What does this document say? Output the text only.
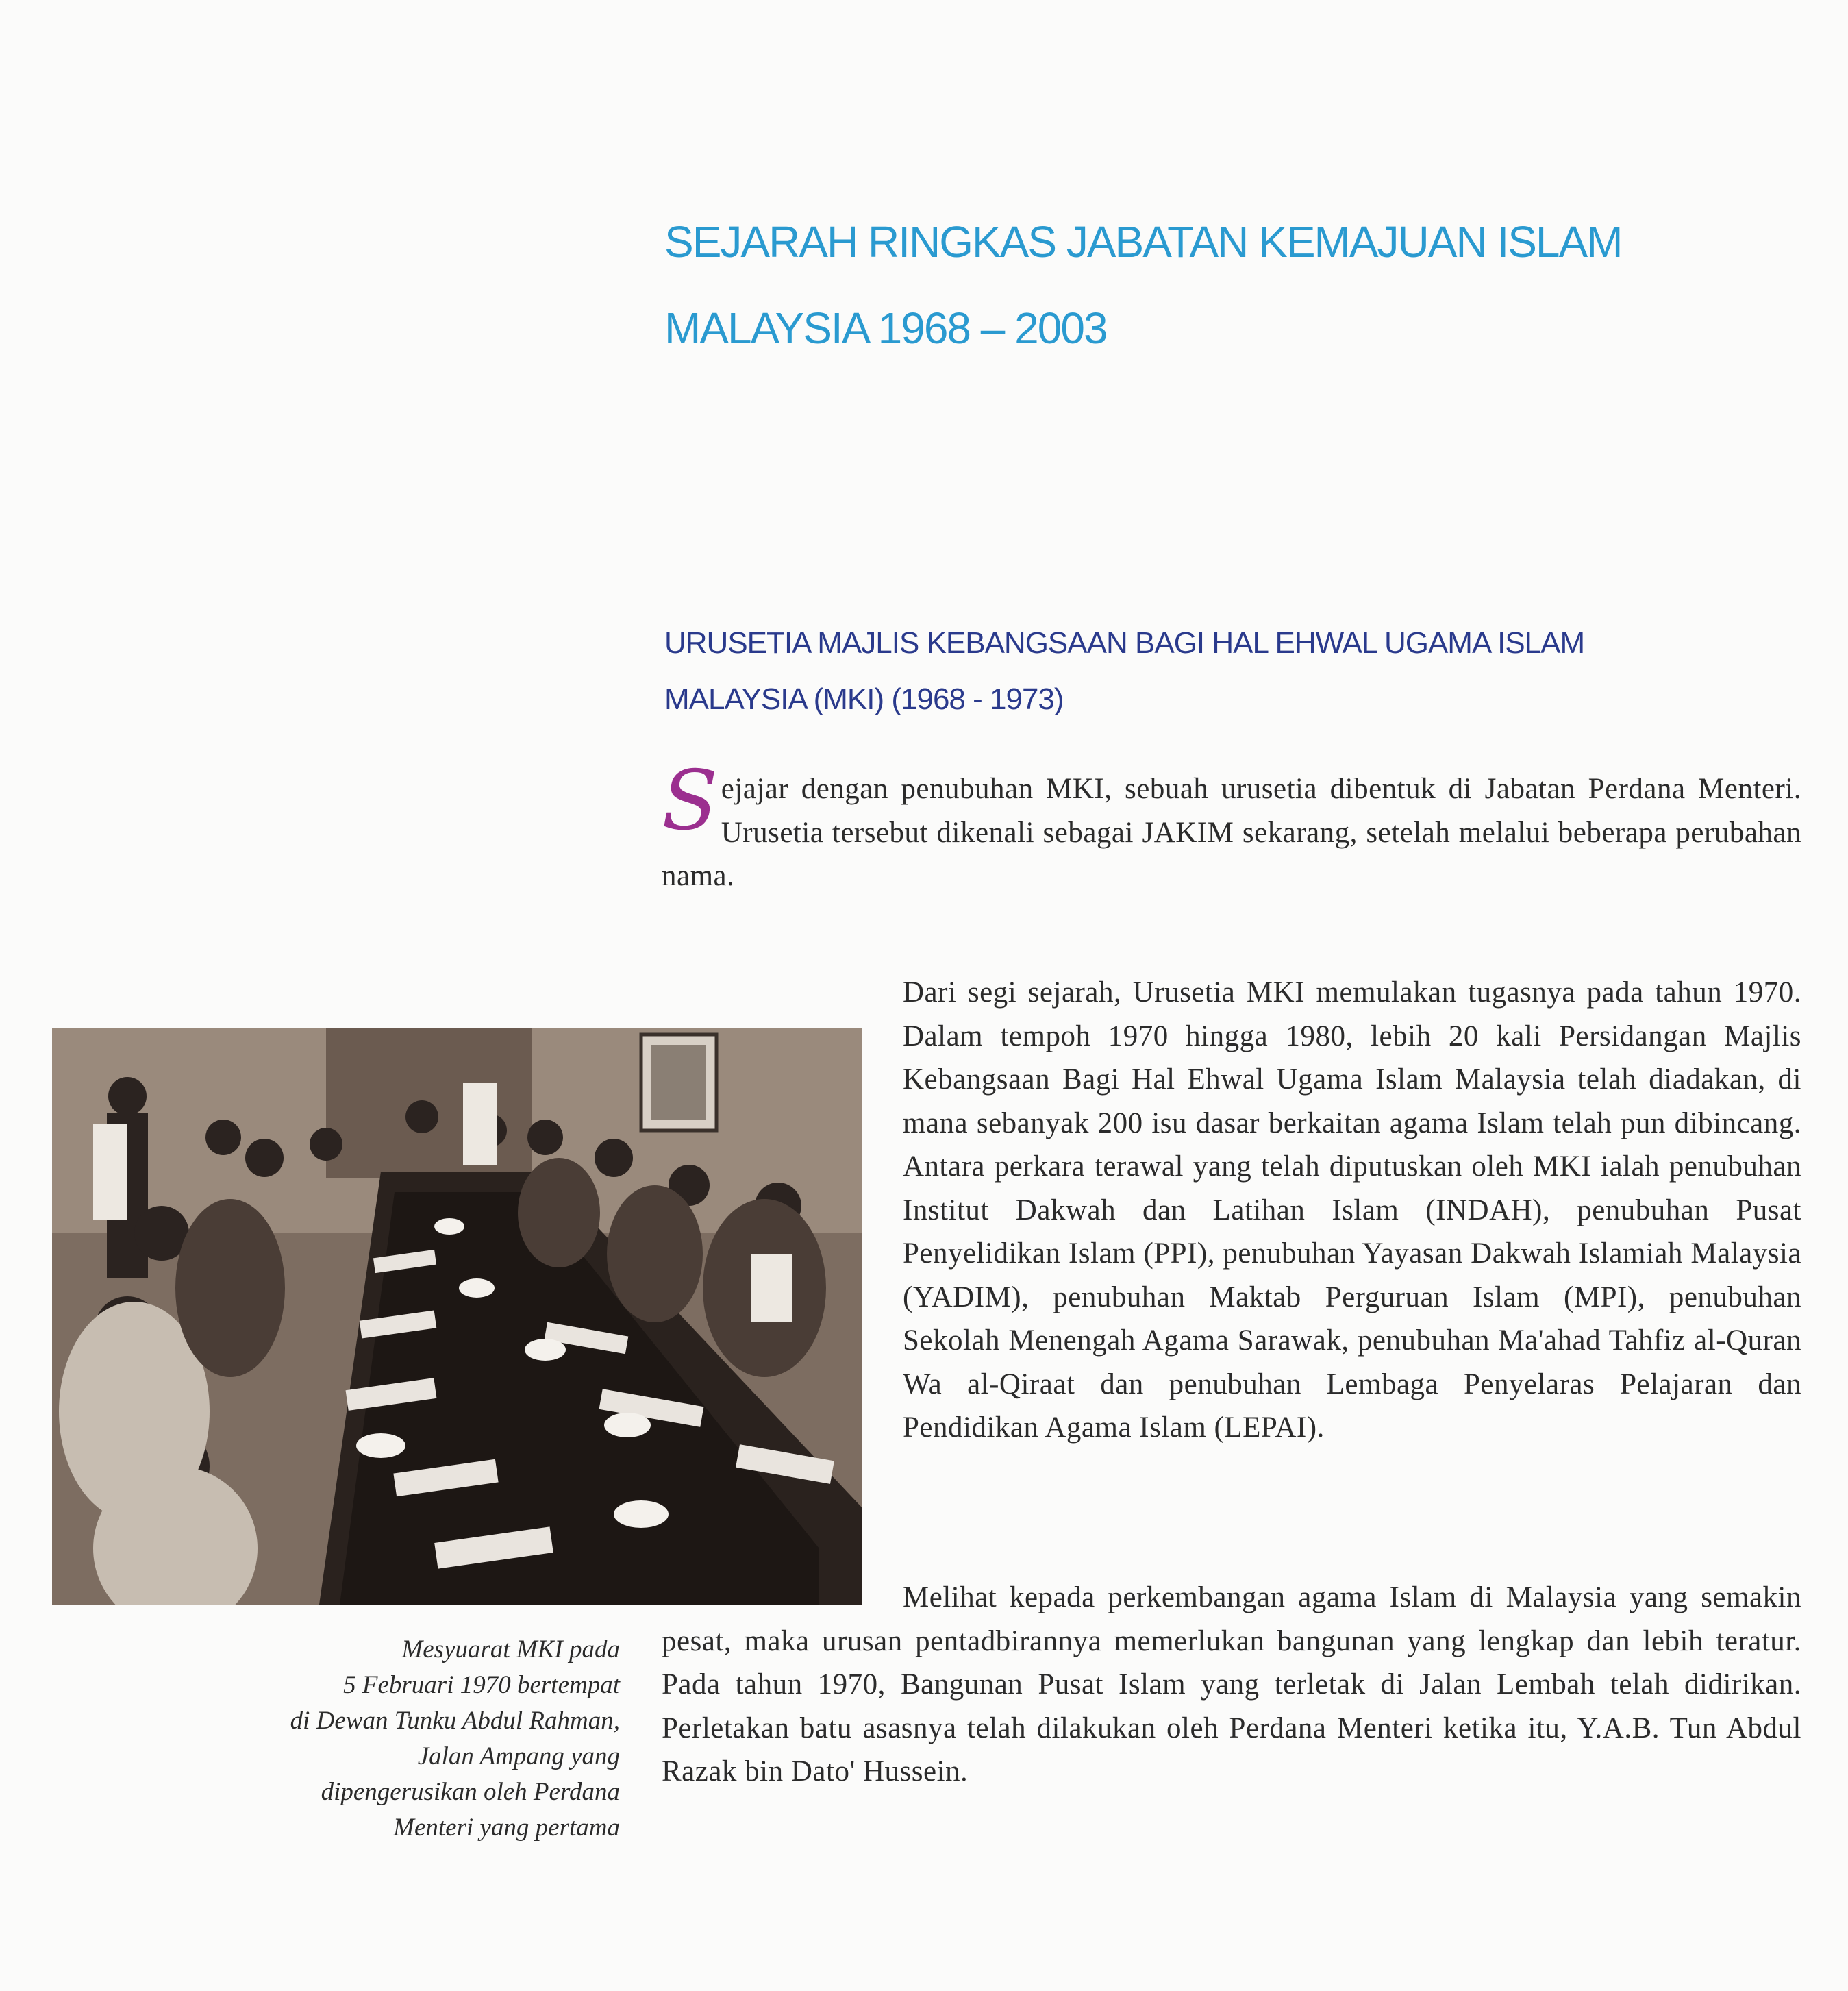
SEJARAH RINGKAS JABATAN KEMAJUAN ISLAM
MALAYSIA 1968 – 2003
URUSETIA MAJLIS KEBANGSAAN BAGI HAL EHWAL UGAMA ISLAM
MALAYSIA (MKI) (1968 - 1973)

Sejajar dengan penubuhan MKI, sebuah urusetia dibentuk di Jabatan Perdana Menteri. Urusetia tersebut dikenali sebagai JAKIM sekarang, setelah melalui beberapa perubahan nama.

Dari segi sejarah, Urusetia MKI memulakan tugasnya pada tahun 1970. Dalam tempoh 1970 hingga 1980, lebih 20 kali Persidangan Majlis Kebangsaan Bagi Hal Ehwal Ugama Islam Malaysia telah diadakan, di mana sebanyak 200 isu dasar berkaitan agama Islam telah pun dibincang. Antara perkara terawal yang telah diputuskan oleh MKI ialah penubuhan Institut Dakwah dan Latihan Islam (INDAH), penubuhan Pusat Penyelidikan Islam (PPI), penubuhan Yayasan Dakwah Islamiah Malaysia (YADIM), penubuhan Maktab Perguruan Islam (MPI), penubuhan Sekolah Menengah Agama Sarawak, penubuhan Ma'ahad Tahfiz al-Quran Wa al-Qiraat dan penubuhan Lembaga Penyelaras Pelajaran dan Pendidikan Agama Islam (LEPAI).

Mesyuarat MKI pada
5 Februari 1970 bertempat
di Dewan Tunku Abdul Rahman,
Jalan Ampang yang
dipengerusikan oleh Perdana
Menteri yang pertama

Melihat kepada perkembangan agama Islam di Malaysia yang semakin pesat, maka urusan pentadbirannya memerlukan bangunan yang lengkap dan lebih teratur. Pada tahun 1970, Bangunan Pusat Islam yang terletak di Jalan Lembah telah didirikan. Perletakan batu asasnya telah dilakukan oleh Perdana Menteri ketika itu, Y.A.B. Tun Abdul Razak bin Dato' Hussein.
